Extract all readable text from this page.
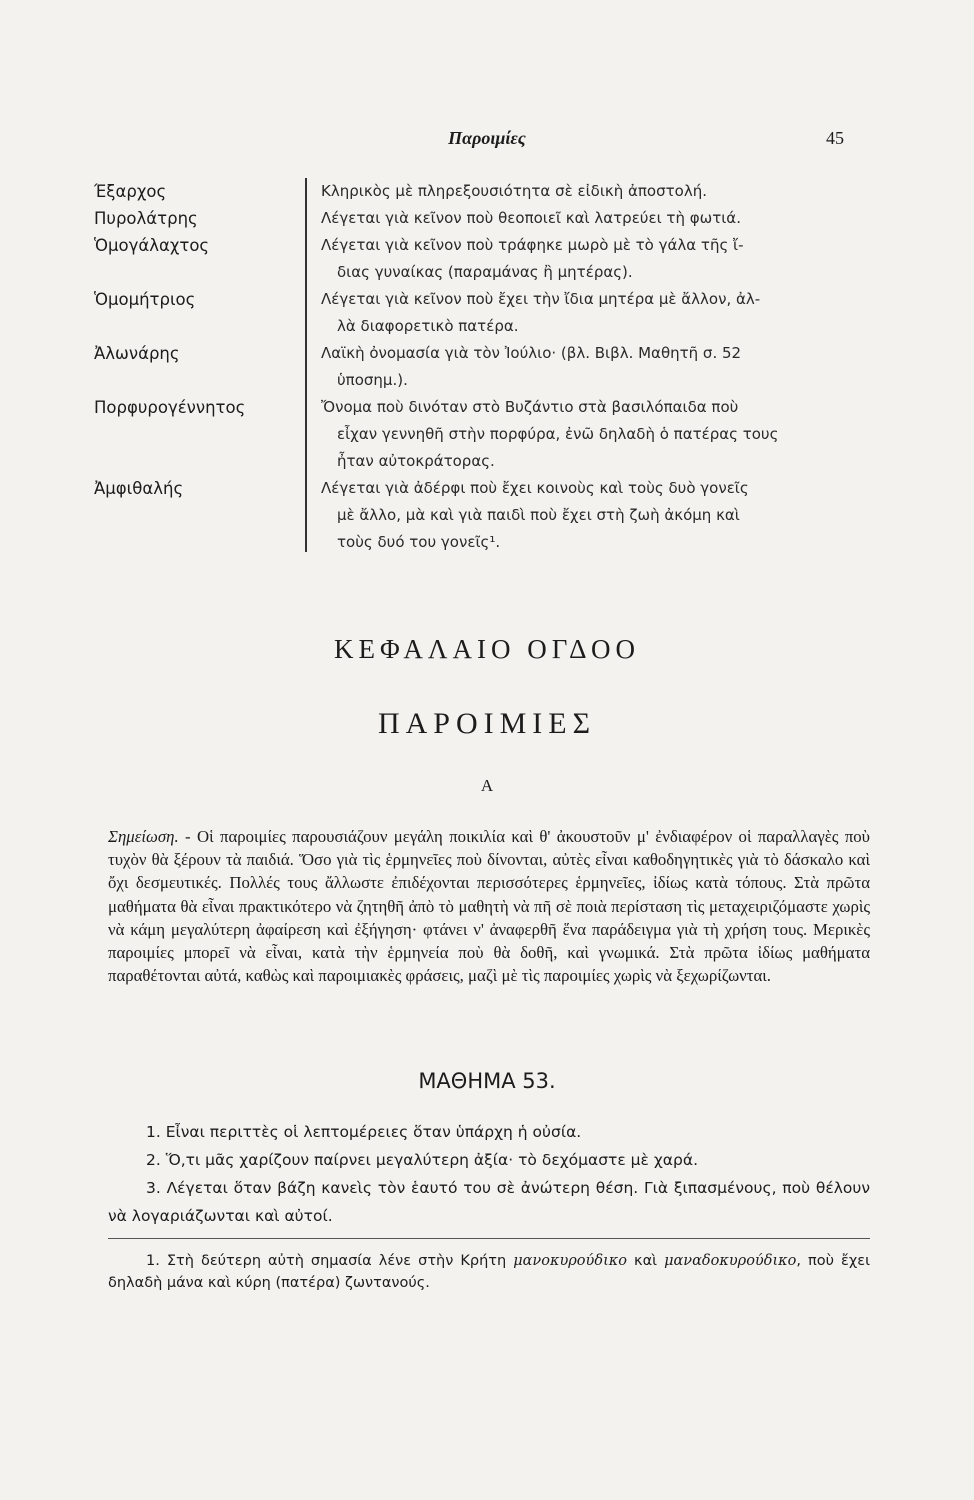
Παροιμίες	45
Έξαρχος	Κληρικὸς μὲ πληρεξουσιότητα σὲ εἰδικὴ ἀποστολή.
Πυρολάτρης	Λέγεται γιὰ κεῖνον ποὺ θεοποιεῖ καὶ λατρεύει τὴ φωτιά.
Ὁμογάλαχτος	Λέγεται γιὰ κεῖνον ποὺ τράφηκε μωρὸ μὲ τὸ γάλα τῆς ἴ-
διας γυναίκας (παραμάνας ἢ μητέρας).
Ὁμομήτριος	Λέγεται γιὰ κεῖνον ποὺ ἔχει τὴν ἴδια μητέρα μὲ ἄλλον, ἀλ-
λὰ διαφορετικὸ πατέρα.
Ἀλωνάρης	Λαϊκὴ ὀνομασία γιὰ τὸν Ἰούλιο· (βλ. Βιβλ. Μαθητῆ σ. 52
ὑποσημ.).
Πορφυρογέννητος	Ὄνομα ποὺ δινόταν στὸ Βυζάντιο στὰ βασιλόπαιδα ποὺ
εἶχαν γεννηθῆ στὴν πορφύρα, ἐνῶ δηλαδὴ ὁ πατέρας τους
ἦταν αὐτοκράτορας.
Ἀμφιθαλής	Λέγεται γιὰ ἀδέρφι ποὺ ἔχει κοινοὺς καὶ τοὺς δυὸ γονεῖς
μὲ ἄλλο, μὰ καὶ γιὰ παιδὶ ποὺ ἔχει στὴ ζωὴ ἀκόμη καὶ
τοὺς δυό του γονεῖς¹.
ΚΕΦΑΛΑΙΟ ΟΓΔΟΟ
ΠΑΡΟΙΜΙΕΣ
Α
Σημείωση. - Οἱ παροιμίες παρουσιάζουν μεγάλη ποικιλία καὶ θ' ἀκουστοῦν μ' ἐνδιαφέρον οἱ παραλλαγὲς ποὺ τυχὸν θὰ ξέρουν τὰ παιδιά. Ὅσο γιὰ τὶς ἑρμηνεῖες ποὺ δίνονται, αὐτὲς εἶναι καθοδηγητικὲς γιὰ τὸ δάσκαλο καὶ ὄχι δεσμευτικές. Πολλές τους ἄλλωστε ἐπιδέχονται περισσότερες ἑρμηνεῖες, ἰδίως κατὰ τόπους. Στὰ πρῶτα μαθήματα θὰ εἶναι πρακτικότερο νὰ ζητηθῆ ἀπὸ τὸ μαθητὴ νὰ πῆ σὲ ποιὰ περίσταση τὶς μεταχειριζόμαστε χωρὶς νὰ κάμη μεγαλύτερη ἀφαίρεση καὶ ἐξήγηση· φτάνει ν' ἀναφερθῆ ἕνα παράδειγμα γιὰ τὴ χρήση τους. Μερικὲς παροιμίες μπορεῖ νὰ εἶναι, κατὰ τὴν ἑρμηνεία ποὺ θὰ δοθῆ, καὶ γνωμικά. Στὰ πρῶτα ἰδίως μαθήματα παραθέτονται αὐτά, καθὼς καὶ παροιμιακὲς φράσεις, μαζὶ μὲ τὶς παροιμίες χωρὶς νὰ ξεχωρίζωνται.
ΜΑΘΗΜΑ 53.
1. Εἶναι περιττὲς οἱ λεπτομέρειες ὅταν ὑπάρχη ἡ οὐσία.
2. Ὅ,τι μᾶς χαρίζουν παίρνει μεγαλύτερη ἀξία· τὸ δεχόμαστε μὲ χαρά.
3. Λέγεται ὅταν βάζη κανεὶς τὸν ἑαυτό του σὲ ἀνώτερη θέση. Γιὰ ξιπασμένους, ποὺ θέλουν νὰ λογαριάζωνται καὶ αὐτοί.
1. Στὴ δεύτερη αὐτὴ σημασία λένε στὴν Κρήτη μανοκυρούδικο καὶ μαναδοκυρούδικο, ποὺ ἔχει δηλαδὴ μάνα καὶ κύρη (πατέρα) ζωντανούς.
